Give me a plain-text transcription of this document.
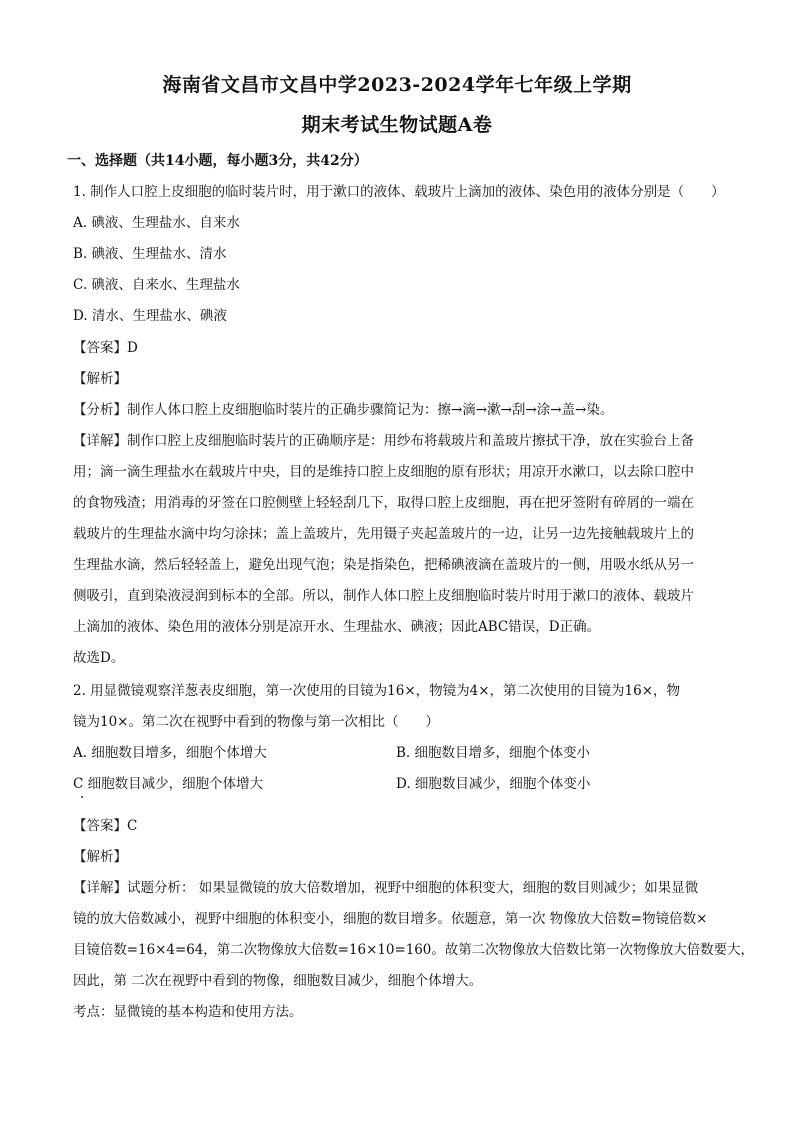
海南省文昌市文昌中学2023-2024学年七年级上学期
期末考试生物试题A卷
一、选择题（共14小题，每小题3分，共42分）
1. 制作人口腔上皮细胞的临时装片时，用于漱口的液体、载玻片上滴加的液体、染色用的液体分别是（　　）
A. 碘液、生理盐水、自来水
B. 碘液、生理盐水、清水
C. 碘液、自来水、生理盐水
D. 清水、生理盐水、碘液
【答案】D
【解析】
【分析】制作人体口腔上皮细胞临时装片的正确步骤简记为：擦→滴→漱→刮→涂→盖→染。
【详解】制作口腔上皮细胞临时装片的正确顺序是：用纱布将载玻片和盖玻片擦拭干净，放在实验台上备
用；滴一滴生理盐水在载玻片中央，目的是维持口腔上皮细胞的原有形状；用凉开水漱口，以去除口腔中
的食物残渣；用消毒的牙签在口腔侧壁上轻轻刮几下，取得口腔上皮细胞，再在把牙签附有碎屑的一端在
载玻片的生理盐水滴中均匀涂抹；盖上盖玻片，先用镊子夹起盖玻片的一边，让另一边先接触载玻片上的
生理盐水滴，然后轻轻盖上，避免出现气泡；染是指染色，把稀碘液滴在盖玻片的一侧，用吸水纸从另一
侧吸引，直到染液浸润到标本的全部。所以，制作人体口腔上皮细胞临时装片时用于漱口的液体、载玻片
上滴加的液体、染色用的液体分别是凉开水、生理盐水、碘液；因此ABC错误，D正确。
故选D。
2. 用显微镜观察洋葱表皮细胞，第一次使用的目镜为16×，物镜为4×，第二次使用的目镜为16×，物
镜为10×。第二次在视野中看到的物像与第一次相比（　　）
A. 细胞数目增多，细胞个体增大	B. 细胞数目增多，细胞个体变小
C 细胞数目减少，细胞个体增大	D. 细胞数目减少，细胞个体变小
【答案】C
【解析】
【详解】试题分析： 如果显微镜的放大倍数增加，视野中细胞的体积变大，细胞的数目则减少；如果显微
镜的放大倍数减小，视野中细胞的体积变小，细胞的数目增多。依题意，第一次 物像放大倍数=物镜倍数×
目镜倍数=16×4=64，第二次物像放大倍数=16×10=160。故第二次物像放大倍数比第一次物像放大倍数要大，
因此，第 二次在视野中看到的物像，细胞数目减少，细胞个体增大。
考点：显微镜的基本构造和使用方法。
